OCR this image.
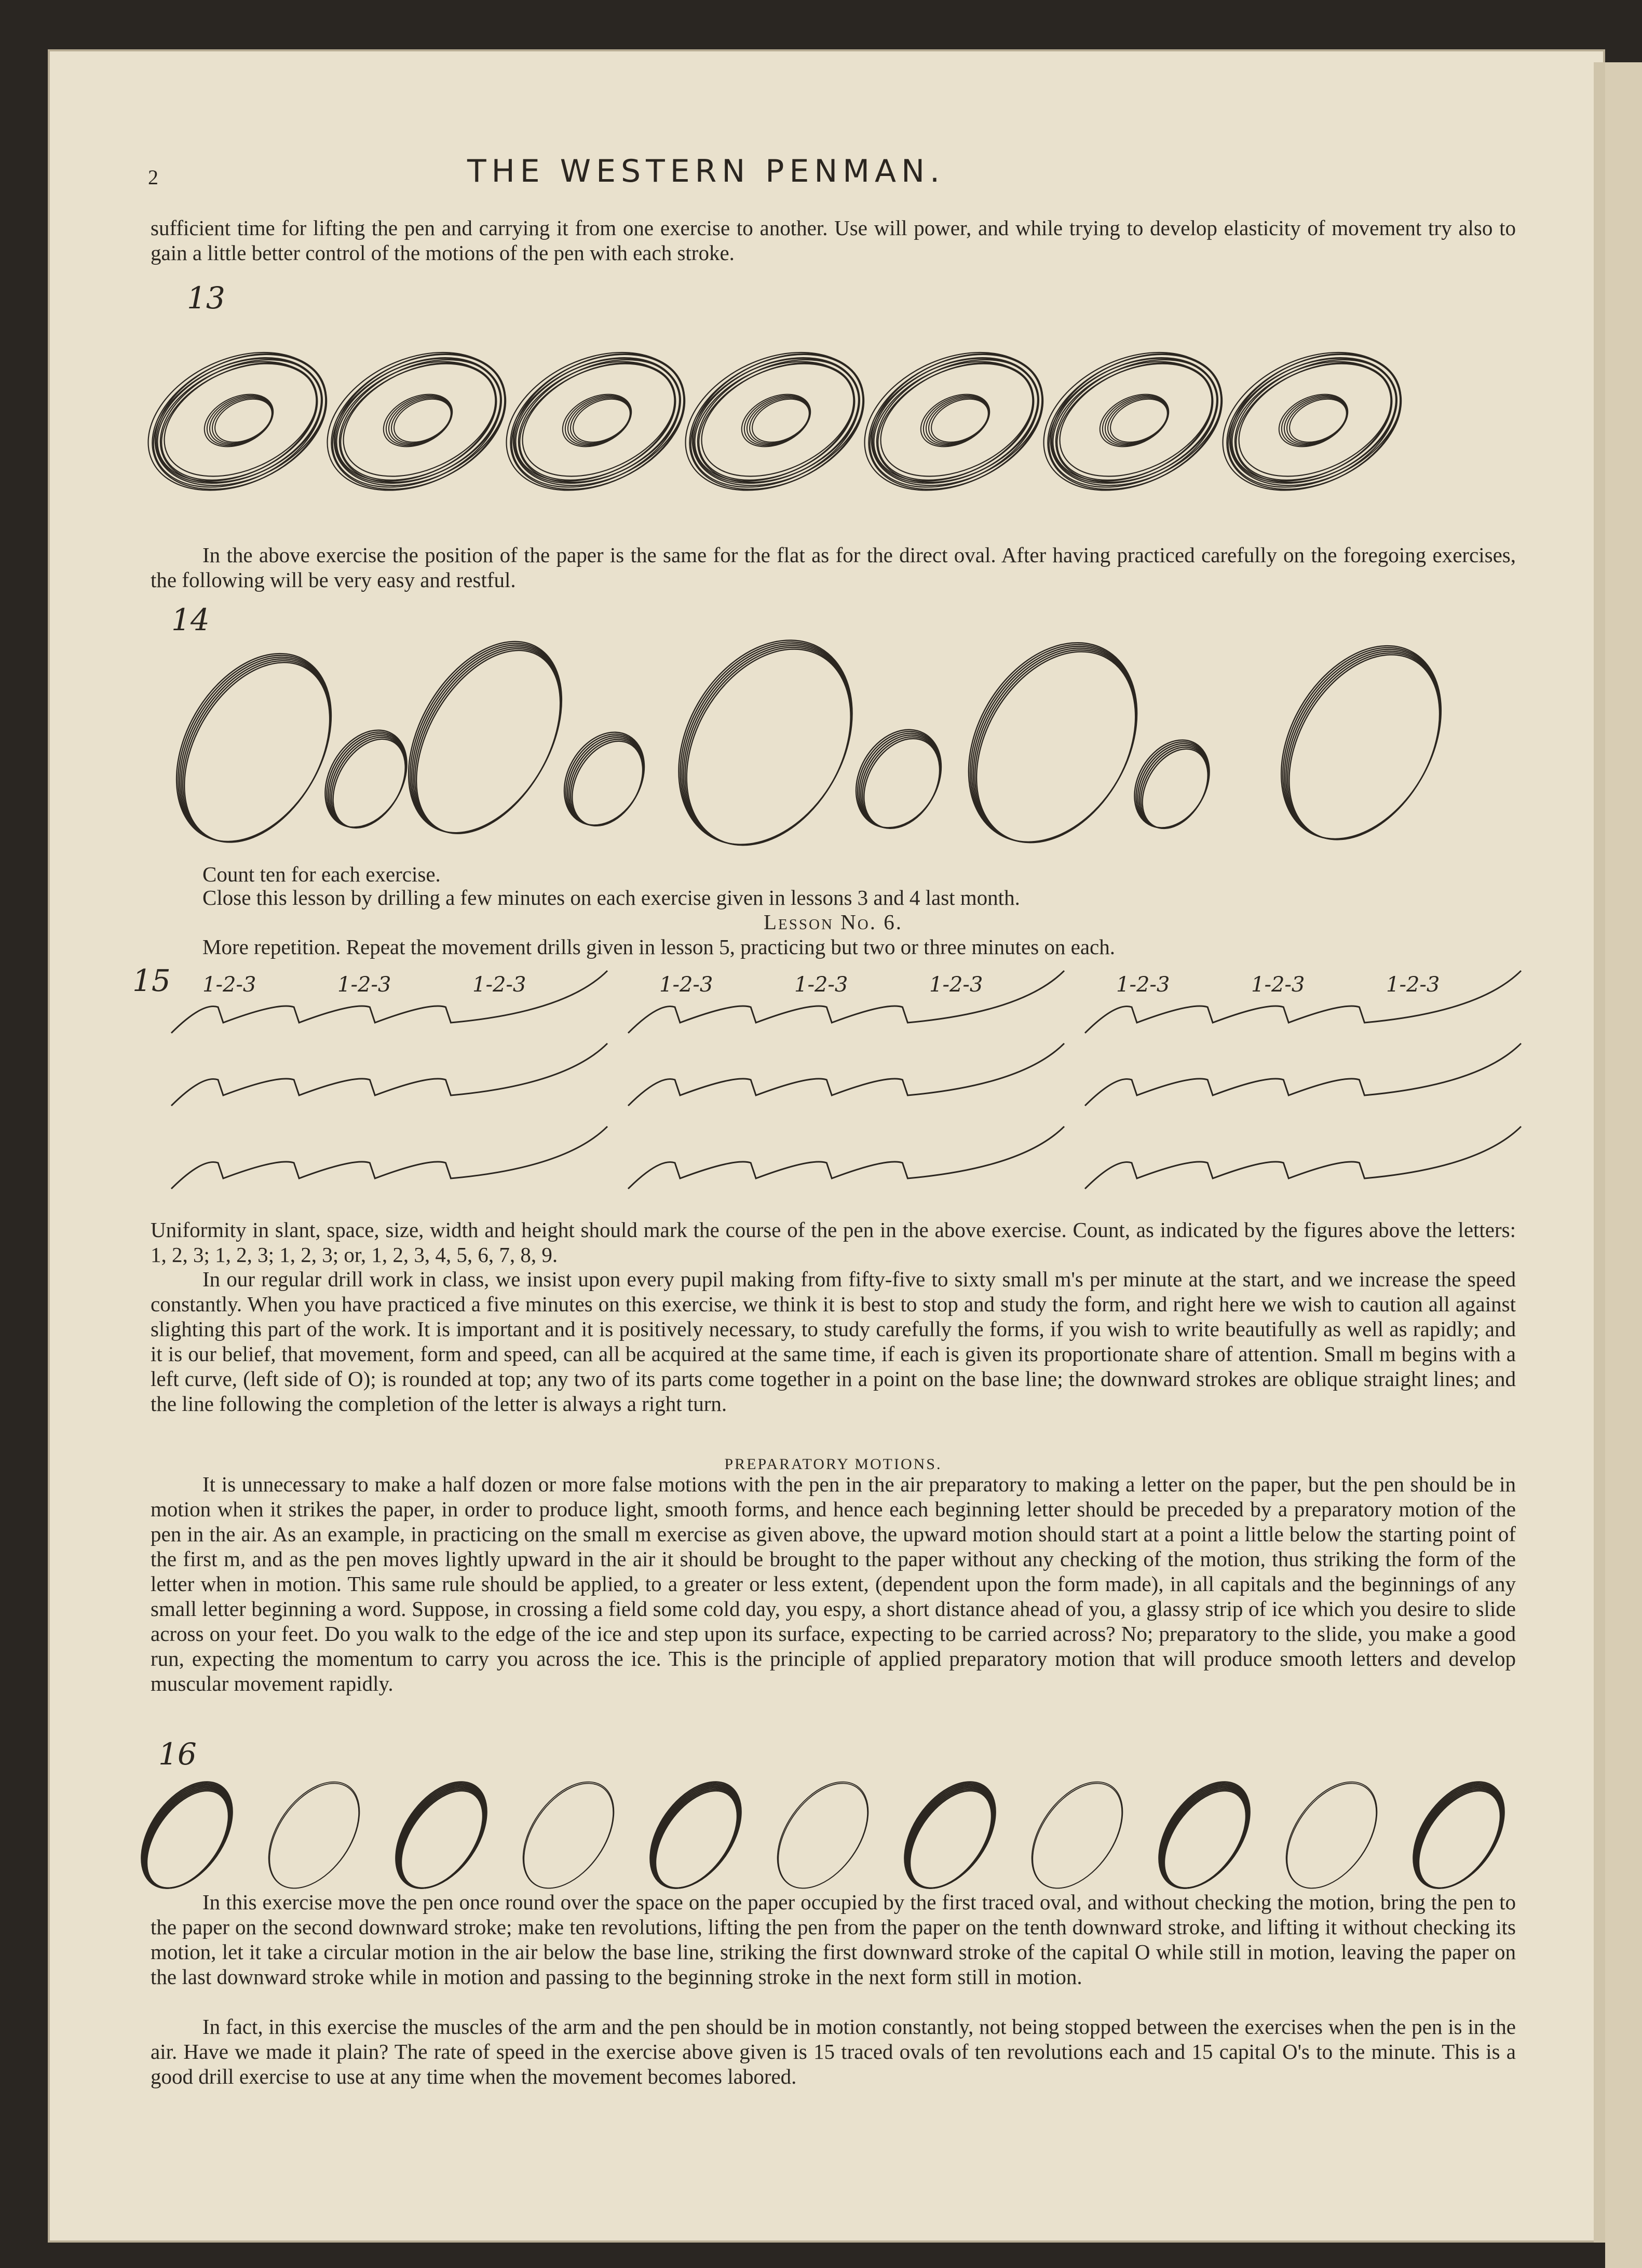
2	THE WESTERN PENMAN.
sufficient time for lifting the pen and carrying it from one exercise to another. Use will power, and while trying to develop elasticity of movement try also to gain a little better control of the motions of the pen with each stroke.
13
In the above exercise the position of the paper is the same for the flat as for the direct oval. After having practiced carefully on the foregoing exercises, the following will be very easy and restful.
14
Count ten for each exercise.
Close this lesson by drilling a few minutes on each exercise given in lessons 3 and 4 last month.
Lesson No. 6.
More repetition. Repeat the movement drills given in lesson 5, practicing but two or three minutes on each.
15 1-2-3	1-2-3	1-2-3	1-2-3	1-2-3	1-2-3	1-2-3	1-2-3	1-2-3
Uniformity in slant, space, size, width and height should mark the course of the pen in the above exercise. Count, as indicated by the figures above the letters: 1, 2, 3; 1, 2, 3; 1, 2, 3; or, 1, 2, 3, 4, 5, 6, 7, 8, 9.
In our regular drill work in class, we insist upon every pupil making from fifty-five to sixty small m's per minute at the start, and we increase the speed constantly. When you have practiced a five minutes on this exercise, we think it is best to stop and study the form, and right here we wish to caution all against slighting this part of the work. It is important and it is positively necessary, to study carefully the forms, if you wish to write beautifully as well as rapidly; and it is our belief, that movement, form and speed, can all be acquired at the same time, if each is given its proportionate share of attention. Small m begins with a left curve, (left side of O); is rounded at top; any two of its parts come together in a point on the base line; the downward strokes are oblique straight lines; and the line following the completion of the letter is always a right turn.
PREPARATORY MOTIONS.
It is unnecessary to make a half dozen or more false motions with the pen in the air preparatory to making a letter on the paper, but the pen should be in motion when it strikes the paper, in order to produce light, smooth forms, and hence each beginning letter should be preceded by a preparatory motion of the pen in the air. As an example, in practicing on the small m exercise as given above, the upward motion should start at a point a little below the starting point of the first m, and as the pen moves lightly upward in the air it should be brought to the paper without any checking of the motion, thus striking the form of the letter when in motion. This same rule should be applied, to a greater or less extent, (dependent upon the form made), in all capitals and the beginnings of any small letter beginning a word. Suppose, in crossing a field some cold day, you espy, a short distance ahead of you, a glassy strip of ice which you desire to slide across on your feet. Do you walk to the edge of the ice and step upon its surface, expecting to be carried across? No; preparatory to the slide, you make a good run, expecting the momentum to carry you across the ice. This is the principle of applied preparatory motion that will produce smooth letters and develop muscular movement rapidly.
16
In this exercise move the pen once round over the space on the paper occupied by the first traced oval, and without checking the motion, bring the pen to the paper on the second downward stroke; make ten revolutions, lifting the pen from the paper on the tenth downward stroke, and lifting it without checking its motion, let it take a circular motion in the air below the base line, striking the first downward stroke of the capital O while still in motion, leaving the paper on the last downward stroke while in motion and passing to the beginning stroke in the next form still in motion.
In fact, in this exercise the muscles of the arm and the pen should be in motion constantly, not being stopped between the exercises when the pen is in the air. Have we made it plain? The rate of speed in the exercise above given is 15 traced ovals of ten revolutions each and 15 capital O's to the minute. This is a good drill exercise to use at any time when the movement becomes labored.
